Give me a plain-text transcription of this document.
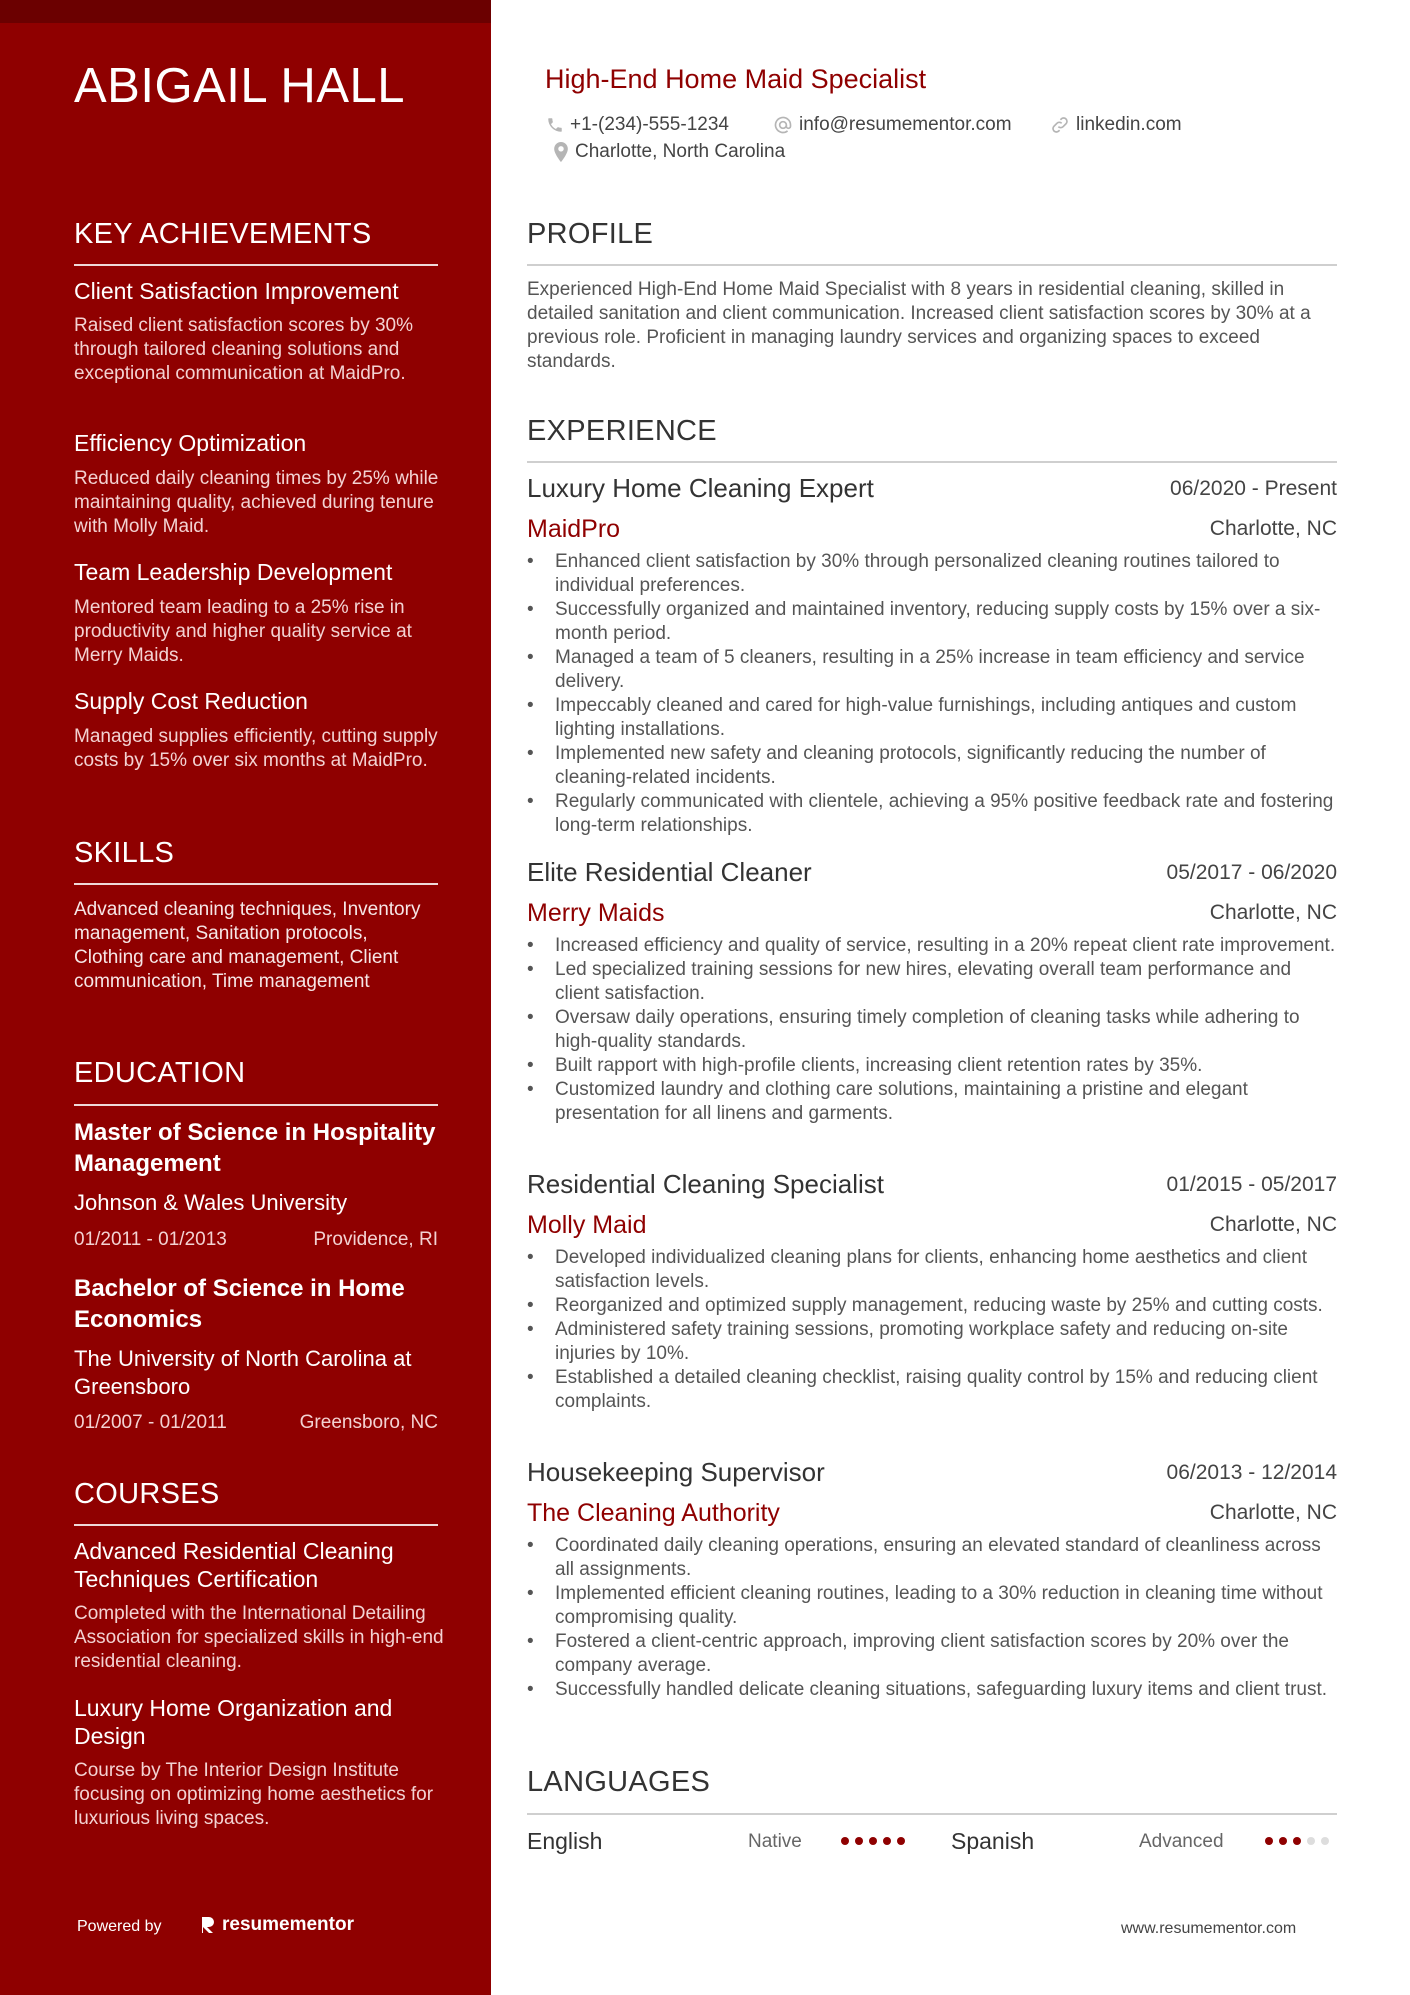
ABIGAIL HALL
KEY ACHIEVEMENTS
Client Satisfaction Improvement
Raised client satisfaction scores by 30% through tailored cleaning solutions and exceptional communication at MaidPro.
Efficiency Optimization
Reduced daily cleaning times by 25% while maintaining quality, achieved during tenure with Molly Maid.
Team Leadership Development
Mentored team leading to a 25% rise in productivity and higher quality service at Merry Maids.
Supply Cost Reduction
Managed supplies efficiently, cutting supply costs by 15% over six months at MaidPro.
SKILLS
Advanced cleaning techniques, Inventory management, Sanitation protocols, Clothing care and management, Client communication, Time management
EDUCATION
Master of Science in Hospitality Management
Johnson & Wales University
01/2011 - 01/2013	Providence, RI
Bachelor of Science in Home Economics
The University of North Carolina at Greensboro
01/2007 - 01/2011	Greensboro, NC
COURSES
Advanced Residential Cleaning Techniques Certification
Completed with the International Detailing Association for specialized skills in high-end residential cleaning.
Luxury Home Organization and Design
Course by The Interior Design Institute focusing on optimizing home aesthetics for luxurious living spaces.
Powered by	resumementor
High-End Home Maid Specialist
+1-(234)-555-1234	info@resumementor.com	linkedin.com
Charlotte, North Carolina
PROFILE
Experienced High-End Home Maid Specialist with 8 years in residential cleaning, skilled in detailed sanitation and client communication. Increased client satisfaction scores by 30% at a previous role. Proficient in managing laundry services and organizing spaces to exceed standards.
EXPERIENCE
Luxury Home Cleaning Expert	06/2020 - Present
MaidPro	Charlotte, NC
• Enhanced client satisfaction by 30% through personalized cleaning routines tailored to individual preferences.
• Successfully organized and maintained inventory, reducing supply costs by 15% over a six-month period.
• Managed a team of 5 cleaners, resulting in a 25% increase in team efficiency and service delivery.
• Impeccably cleaned and cared for high-value furnishings, including antiques and custom lighting installations.
• Implemented new safety and cleaning protocols, significantly reducing the number of cleaning-related incidents.
• Regularly communicated with clientele, achieving a 95% positive feedback rate and fostering long-term relationships.
Elite Residential Cleaner	05/2017 - 06/2020
Merry Maids	Charlotte, NC
• Increased efficiency and quality of service, resulting in a 20% repeat client rate improvement.
• Led specialized training sessions for new hires, elevating overall team performance and client satisfaction.
• Oversaw daily operations, ensuring timely completion of cleaning tasks while adhering to high-quality standards.
• Built rapport with high-profile clients, increasing client retention rates by 35%.
• Customized laundry and clothing care solutions, maintaining a pristine and elegant presentation for all linens and garments.
Residential Cleaning Specialist	01/2015 - 05/2017
Molly Maid	Charlotte, NC
• Developed individualized cleaning plans for clients, enhancing home aesthetics and client satisfaction levels.
• Reorganized and optimized supply management, reducing waste by 25% and cutting costs.
• Administered safety training sessions, promoting workplace safety and reducing on-site injuries by 10%.
• Established a detailed cleaning checklist, raising quality control by 15% and reducing client complaints.
Housekeeping Supervisor	06/2013 - 12/2014
The Cleaning Authority	Charlotte, NC
• Coordinated daily cleaning operations, ensuring an elevated standard of cleanliness across all assignments.
• Implemented efficient cleaning routines, leading to a 30% reduction in cleaning time without compromising quality.
• Fostered a client-centric approach, improving client satisfaction scores by 20% over the company average.
• Successfully handled delicate cleaning situations, safeguarding luxury items and client trust.
LANGUAGES
English	Native	Spanish	Advanced
www.resumementor.com
